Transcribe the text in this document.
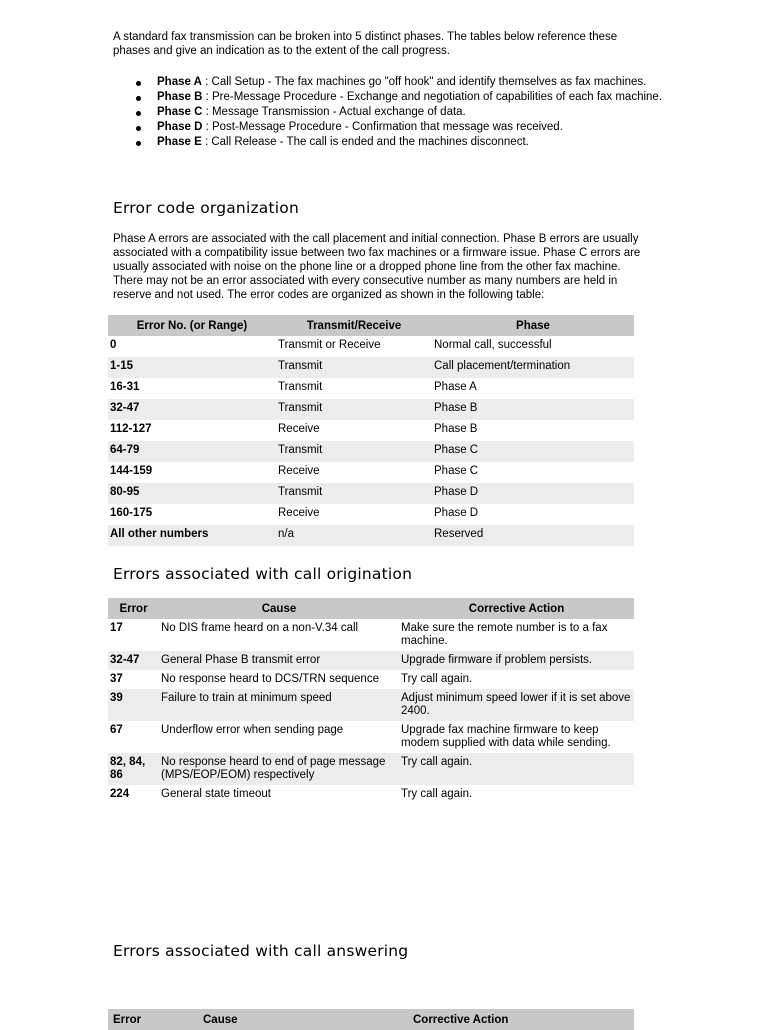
A standard fax transmission can be broken into 5 distinct phases. The tables below reference these phases and give an indication as to the extent of the call progress.
Phase A : Call Setup - The fax machines go "off hook" and identify themselves as fax machines.
Phase B : Pre-Message Procedure - Exchange and negotiation of capabilities of each fax machine.
Phase C : Message Transmission - Actual exchange of data.
Phase D : Post-Message Procedure - Confirmation that message was received.
Phase E : Call Release - The call is ended and the machines disconnect.
Error code organization
Phase A errors are associated with the call placement and initial connection. Phase B errors are usually associated with a compatibility issue between two fax machines or a firmware issue. Phase C errors are usually associated with noise on the phone line or a dropped phone line from the other fax machine. There may not be an error associated with every consecutive number as many numbers are held in reserve and not used. The error codes are organized as shown in the following table:
Error No. (or Range)	Transmit/Receive	Phase
0	Transmit or Receive	Normal call, successful
1-15	Transmit	Call placement/termination
16-31	Transmit	Phase A
32-47	Transmit	Phase B
112-127	Receive	Phase B
64-79	Transmit	Phase C
144-159	Receive	Phase C
80-95	Transmit	Phase D
160-175	Receive	Phase D
All other numbers	n/a	Reserved
Errors associated with call origination
Error	Cause	Corrective Action
17	No DIS frame heard on a non-V.34 call	Make sure the remote number is to a fax machine.
32-47	General Phase B transmit error	Upgrade firmware if problem persists.
37	No response heard to DCS/TRN sequence	Try call again.
39	Failure to train at minimum speed	Adjust minimum speed lower if it is set above 2400.
67	Underflow error when sending page	Upgrade fax machine firmware to keep modem supplied with data while sending.
82, 84, 86	No response heard to end of page message (MPS/EOP/EOM) respectively	Try call again.
224	General state timeout	Try call again.
Errors associated with call answering
Error	Cause	Corrective Action
